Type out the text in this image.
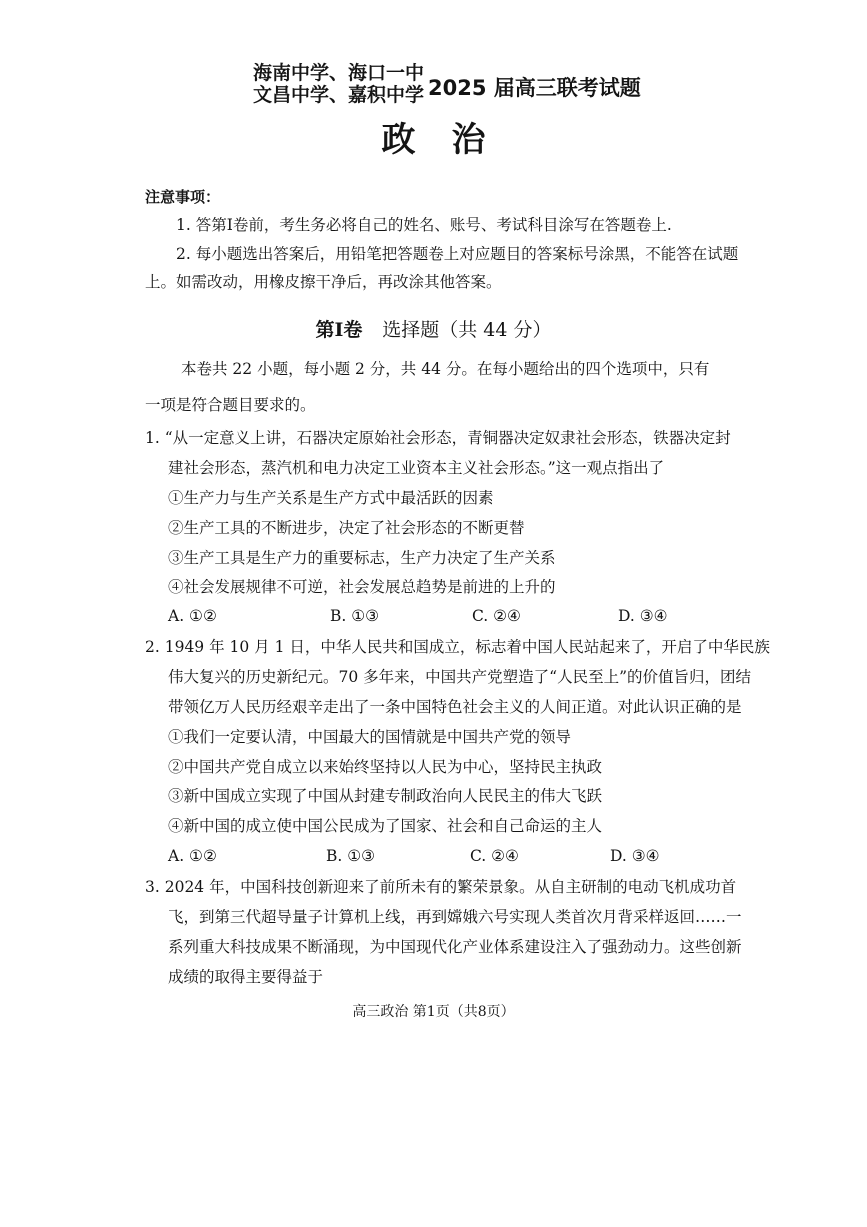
海南中学、海口一中
文昌中学、嘉积中学 2025 届高三联考试题
政治
注意事项：
1. 答第Ⅰ卷前，考生务必将自己的姓名、账号、考试科目涂写在答题卷上.
2. 每小题选出答案后，用铅笔把答题卷上对应题目的答案标号涂黑，不能答在试题
上。如需改动，用橡皮擦干净后，再改涂其他答案。
第Ⅰ卷 选择题（共 44 分）
本卷共 22 小题，每小题 2 分，共 44 分。在每小题给出的四个选项中，只有
一项是符合题目要求的。
1. “从一定意义上讲，石器决定原始社会形态，青铜器决定奴隶社会形态，铁器决定封
建社会形态，蒸汽机和电力决定工业资本主义社会形态。”这一观点指出了
①生产力与生产关系是生产方式中最活跃的因素
②生产工具的不断进步，决定了社会形态的不断更替
③生产工具是生产力的重要标志，生产力决定了生产关系
④社会发展规律不可逆，社会发展总趋势是前进的上升的
A. ①②	B. ①③	C. ②④	D. ③④
2. 1949 年 10 月 1 日，中华人民共和国成立，标志着中国人民站起来了，开启了中华民族
伟大复兴的历史新纪元。70 多年来，中国共产党塑造了“人民至上”的价值旨归，团结
带领亿万人民历经艰辛走出了一条中国特色社会主义的人间正道。对此认识正确的是
①我们一定要认清，中国最大的国情就是中国共产党的领导
②中国共产党自成立以来始终坚持以人民为中心，坚持民主执政
③新中国成立实现了中国从封建专制政治向人民民主的伟大飞跃
④新中国的成立使中国公民成为了国家、社会和自己命运的主人
A. ①②	B. ①③	C. ②④	D. ③④
3. 2024 年，中国科技创新迎来了前所未有的繁荣景象。从自主研制的电动飞机成功首
飞，到第三代超导量子计算机上线，再到嫦娥六号实现人类首次月背采样返回……一
系列重大科技成果不断涌现，为中国现代化产业体系建设注入了强劲动力。这些创新
成绩的取得主要得益于
高三政治 第1页（共8页）
